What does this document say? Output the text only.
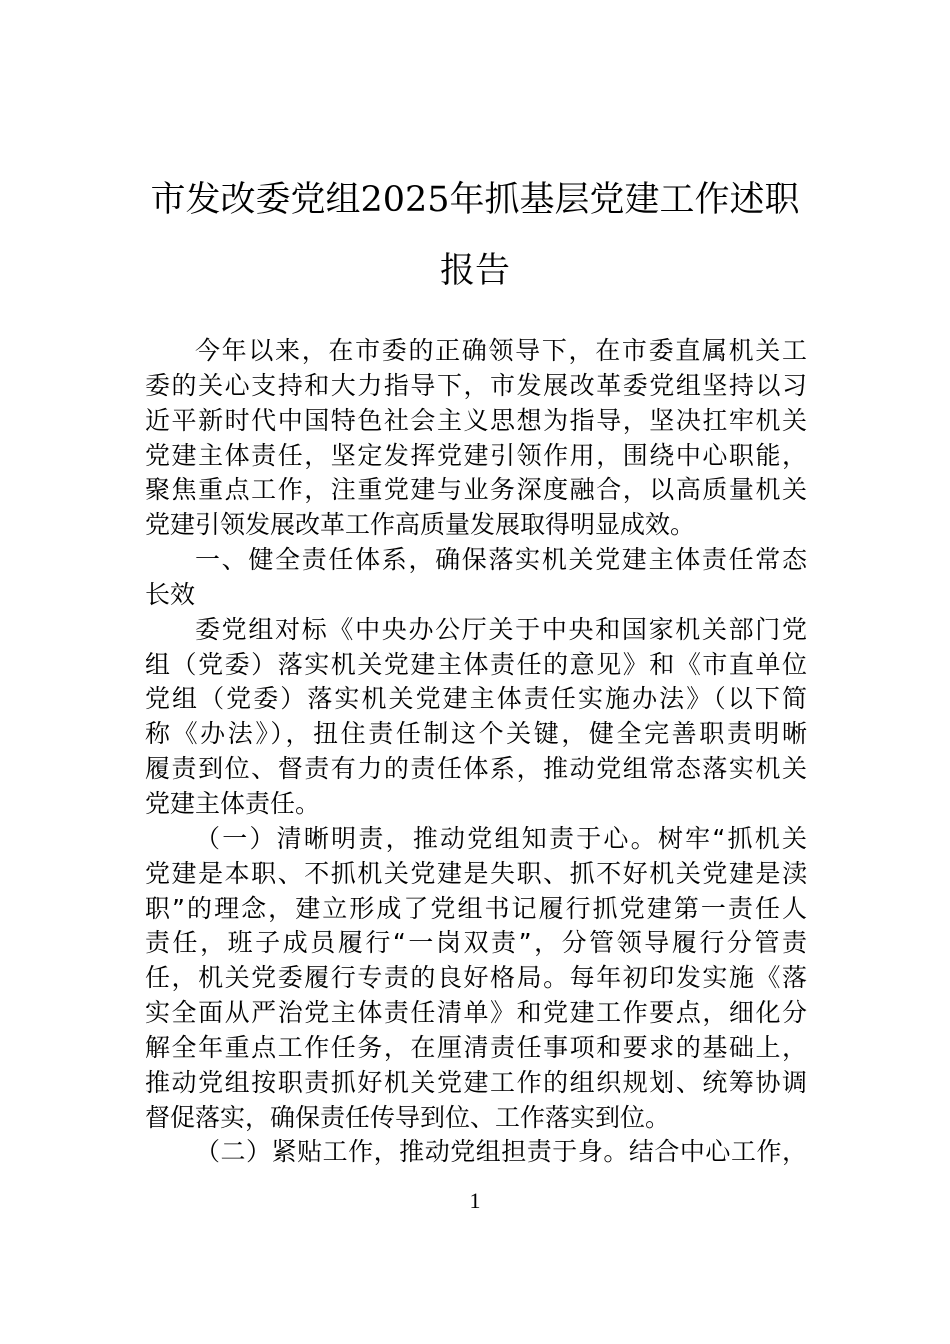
市发改委党组2025年抓基层党建工作述职
报告
今年以来，在市委的正确领导下，在市委直属机关工
委的关心支持和大力指导下，市发展改革委党组坚持以习
近平新时代中国特色社会主义思想为指导，坚决扛牢机关
党建主体责任，坚定发挥党建引领作用，围绕中心职能，
聚焦重点工作，注重党建与业务深度融合，以高质量机关
党建引领发展改革工作高质量发展取得明显成效。
一、健全责任体系，确保落实机关党建主体责任常态
长效
委党组对标《中央办公厅关于中央和国家机关部门党
组（党委）落实机关党建主体责任的意见》和《市直单位
党组（党委）落实机关党建主体责任实施办法》（以下简
称《办法》），扭住责任制这个关键，健全完善职责明晰
履责到位、督责有力的责任体系，推动党组常态落实机关
党建主体责任。
（一）清晰明责，推动党组知责于心。树牢“抓机关
党建是本职、不抓机关党建是失职、抓不好机关党建是渎
职”的理念，建立形成了党组书记履行抓党建第一责任人
责任，班子成员履行“一岗双责”，分管领导履行分管责
任，机关党委履行专责的良好格局。每年初印发实施《落
实全面从严治党主体责任清单》和党建工作要点，细化分
解全年重点工作任务，在厘清责任事项和要求的基础上，
推动党组按职责抓好机关党建工作的组织规划、统筹协调
督促落实，确保责任传导到位、工作落实到位。
（二）紧贴工作，推动党组担责于身。结合中心工作，
1
